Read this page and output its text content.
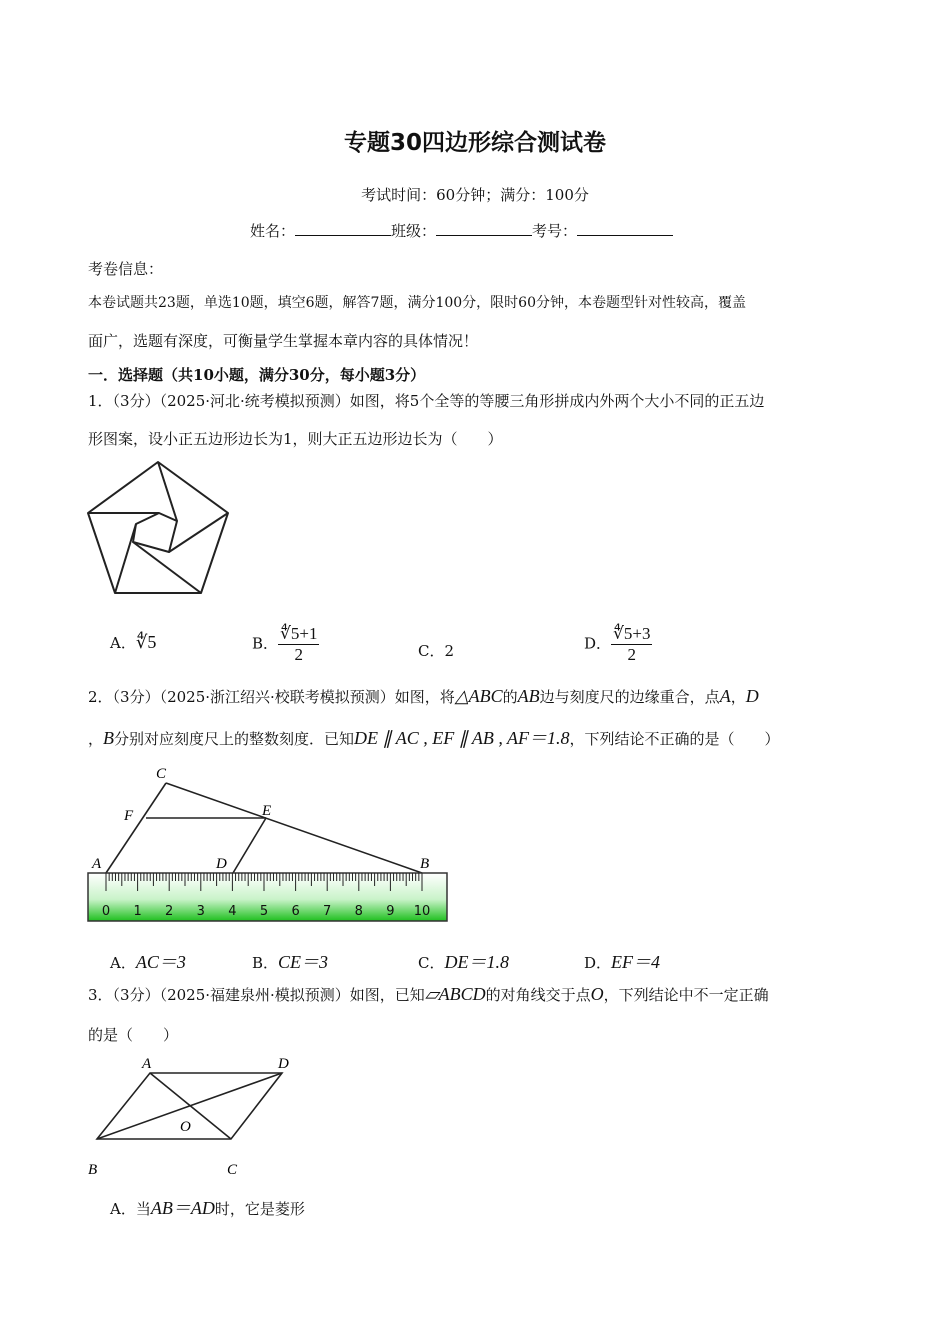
专题30四边形综合测试卷
考试时间：60分钟；满分：100分
姓名：	班级：	考号：
考卷信息：
本卷试题共23题，单选10题，填空6题，解答7题，满分100分，限时60分钟，本卷题型针对性较高，覆盖
面广，选题有深度，可衡量学生掌握本章内容的具体情况！
一．选择题（共10小题，满分30分，每小题3分）
1．（3分）（2025·河北·统考模拟预测）如图，将5个全等的等腰三角形拼成内外两个大小不同的正五边
形图案，设小正五边形边长为1，则大正五边形边长为（　　）
A．∜5	B． $\frac{∜5+1}{2}$	C．2	D． $\frac{∜5+3}{2}$
2．（3分）（2025·浙江绍兴·校联考模拟预测）如图，将△ABC的AB边与刻度尺的边缘重合，点A，D
，B分别对应刻度尺上的整数刻度．已知DE ∥ AC , EF ∥ AB , AF＝1.8，下列结论不正确的是（　　）
0 1 2 3 4 5 6 7 8 9 10
C
F	E
A	D	B
A．AC＝3	B．CE＝3	C．DE＝1.8	D．EF＝4
3．（3分）（2025·福建泉州·模拟预测）如图，已知▱ABCD的对角线交于点O，下列结论中不一定正确
的是（　　）
A	D
O
B	C
A．当AB＝AD时，它是菱形
